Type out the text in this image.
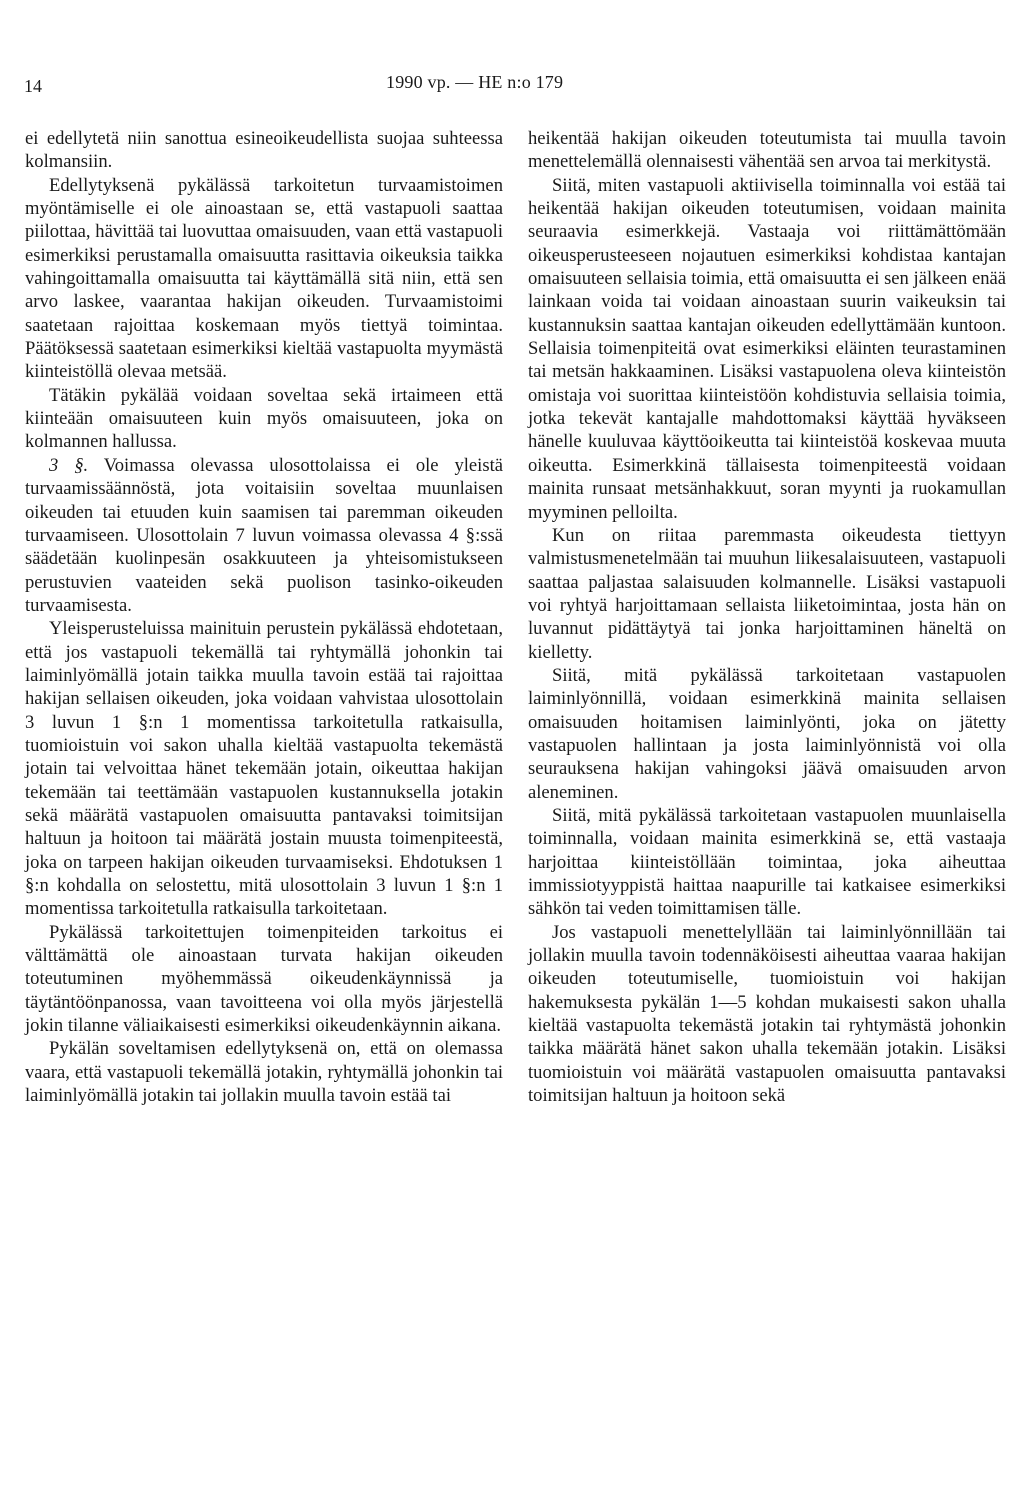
14	1990 vp. — HE n:o 179

ei edellytetä niin sanottua esineoikeudellista suojaa suhteessa kolmansiin.

Edellytyksenä pykälässä tarkoitetun turvaamistoimen myöntämiselle ei ole ainoastaan se, että vastapuoli saattaa piilottaa, hävittää tai luovuttaa omaisuuden, vaan että vastapuoli esimerkiksi perustamalla omaisuutta rasittavia oikeuksia taikka vahingoittamalla omaisuutta tai käyttämällä sitä niin, että sen arvo laskee, vaarantaa hakijan oikeuden. Turvaamistoimi saatetaan rajoittaa koskemaan myös tiettyä toimintaa. Päätöksessä saatetaan esimerkiksi kieltää vastapuolta myymästä kiinteistöllä olevaa metsää.

Tätäkin pykälää voidaan soveltaa sekä irtaimeen että kiinteään omaisuuteen kuin myös omaisuuteen, joka on kolmannen hallussa.

3 §. Voimassa olevassa ulosottolaissa ei ole yleistä turvaamissäännöstä, jota voitaisiin soveltaa muunlaisen oikeuden tai etuuden kuin saamisen tai paremman oikeuden turvaamiseen. Ulosottolain 7 luvun voimassa olevassa 4 §:ssä säädetään kuolinpesän osakkuuteen ja yhteisomistukseen perustuvien vaateiden sekä puolison tasinko-oikeuden turvaamisesta.

Yleisperusteluissa mainituin perustein pykälässä ehdotetaan, että jos vastapuoli tekemällä tai ryhtymällä johonkin tai laiminlyömällä jotain taikka muulla tavoin estää tai rajoittaa hakijan sellaisen oikeuden, joka voidaan vahvistaa ulosottolain 3 luvun 1 §:n 1 momentissa tarkoitetulla ratkaisulla, tuomioistuin voi sakon uhalla kieltää vastapuolta tekemästä jotain tai velvoittaa hänet tekemään jotain, oikeuttaa hakijan tekemään tai teettämään vastapuolen kustannuksella jotakin sekä määrätä vastapuolen omaisuutta pantavaksi toimitsijan haltuun ja hoitoon tai määrätä jostain muusta toimenpiteestä, joka on tarpeen hakijan oikeuden turvaamiseksi. Ehdotuksen 1 §:n kohdalla on selostettu, mitä ulosottolain 3 luvun 1 §:n 1 momentissa tarkoitetulla ratkaisulla tarkoitetaan.

Pykälässä tarkoitettujen toimenpiteiden tarkoitus ei välttämättä ole ainoastaan turvata hakijan oikeuden toteutuminen myöhemmässä oikeudenkäynnissä ja täytäntöönpanossa, vaan tavoitteena voi olla myös järjestellä jokin tilanne väliaikaisesti esimerkiksi oikeudenkäynnin aikana.

Pykälän soveltamisen edellytyksenä on, että on olemassa vaara, että vastapuoli tekemällä jotakin, ryhtymällä johonkin tai laiminlyömällä jotakin tai jollakin muulla tavoin estää tai

heikentää hakijan oikeuden toteutumista tai muulla tavoin menettelemällä olennaisesti vähentää sen arvoa tai merkitystä.

Siitä, miten vastapuoli aktiivisella toiminnalla voi estää tai heikentää hakijan oikeuden toteutumisen, voidaan mainita seuraavia esimerkkejä. Vastaaja voi riittämättömään oikeusperusteeseen nojautuen esimerkiksi kohdistaa kantajan omaisuuteen sellaisia toimia, että omaisuutta ei sen jälkeen enää lainkaan voida tai voidaan ainoastaan suurin vaikeuksin tai kustannuksin saattaa kantajan oikeuden edellyttämään kuntoon. Sellaisia toimenpiteitä ovat esimerkiksi eläinten teurastaminen tai metsän hakkaaminen. Lisäksi vastapuolena oleva kiinteistön omistaja voi suorittaa kiinteistöön kohdistuvia sellaisia toimia, jotka tekevät kantajalle mahdottomaksi käyttää hyväkseen hänelle kuuluvaa käyttöoikeutta tai kiinteistöä koskevaa muuta oikeutta. Esimerkkinä tällaisesta toimenpiteestä voidaan mainita runsaat metsänhakkuut, soran myynti ja ruokamullan myyminen pelloilta.

Kun on riitaa paremmasta oikeudesta tiettyyn valmistusmenetelmään tai muuhun liikesalaisuuteen, vastapuoli saattaa paljastaa salaisuuden kolmannelle. Lisäksi vastapuoli voi ryhtyä harjoittamaan sellaista liiketoimintaa, josta hän on luvannut pidättäytyä tai jonka harjoittaminen häneltä on kielletty.

Siitä, mitä pykälässä tarkoitetaan vastapuolen laiminlyönnillä, voidaan esimerkkinä mainita sellaisen omaisuuden hoitamisen laiminlyönti, joka on jätetty vastapuolen hallintaan ja josta laiminlyönnistä voi olla seurauksena hakijan vahingoksi jäävä omaisuuden arvon aleneminen.

Siitä, mitä pykälässä tarkoitetaan vastapuolen muunlaisella toiminnalla, voidaan mainita esimerkkinä se, että vastaaja harjoittaa kiinteistöllään toimintaa, joka aiheuttaa immissiotyyppistä haittaa naapurille tai katkaisee esimerkiksi sähkön tai veden toimittamisen tälle.

Jos vastapuoli menettelyllään tai laiminlyönnillään tai jollakin muulla tavoin todennäköisesti aiheuttaa vaaraa hakijan oikeuden toteutumiselle, tuomioistuin voi hakijan hakemuksesta pykälän 1—5 kohdan mukaisesti sakon uhalla kieltää vastapuolta tekemästä jotakin tai ryhtymästä johonkin taikka määrätä hänet sakon uhalla tekemään jotakin. Lisäksi tuomioistuin voi määrätä vastapuolen omaisuutta pantavaksi toimitsijan haltuun ja hoitoon sekä
